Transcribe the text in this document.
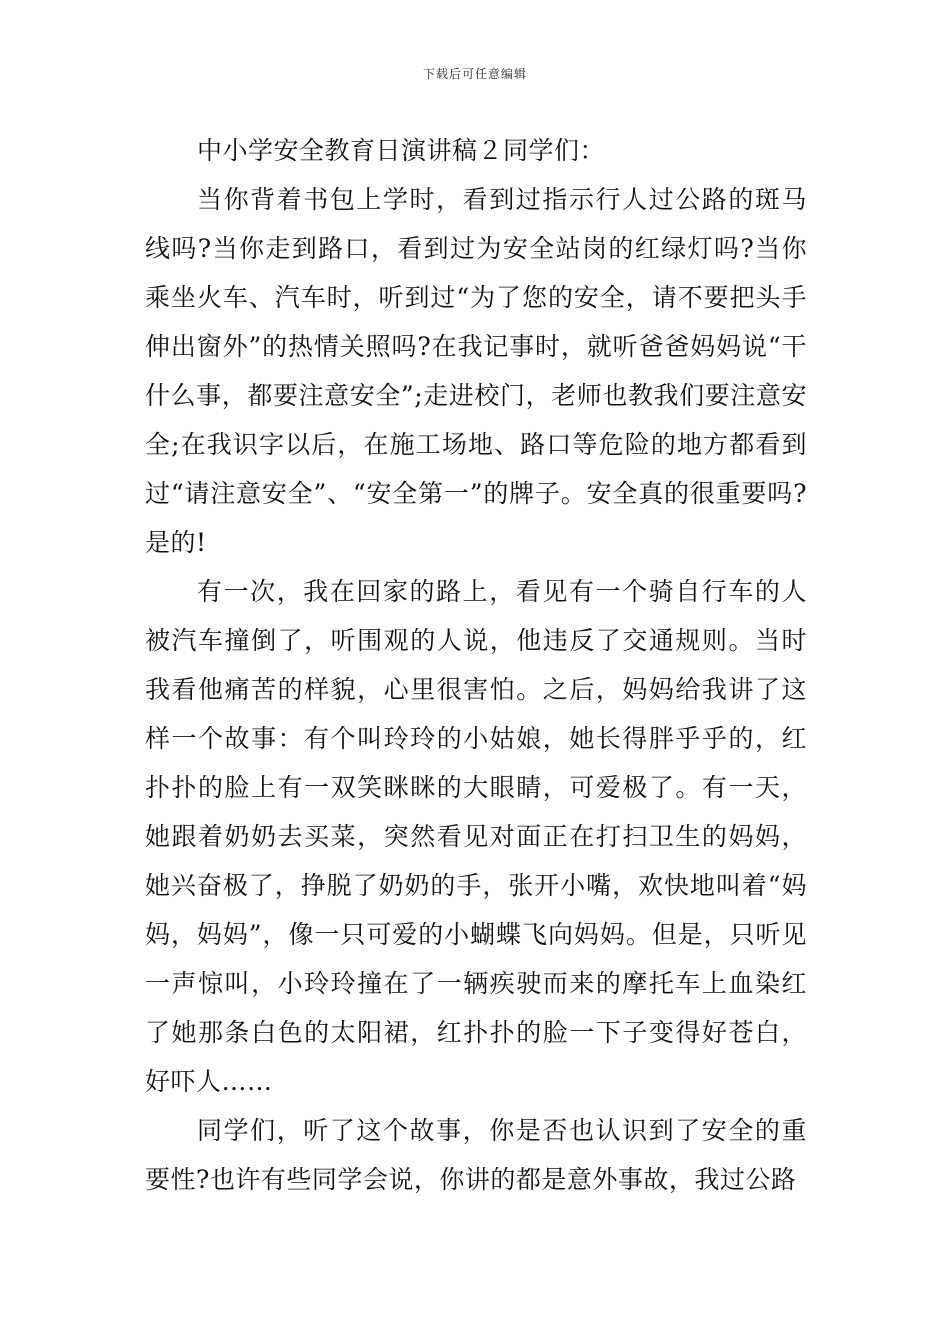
下载后可任意编辑

中小学安全教育日演讲稿２同学们：

当你背着书包上学时，看到过指示行人过公路的斑马线吗?当你走到路口，看到过为安全站岗的红绿灯吗?当你乘坐火车、汽车时，听到过“为了您的安全，请不要把头手伸出窗外”的热情关照吗?在我记事时，就听爸爸妈妈说“干什么事，都要注意安全”;走进校门，老师也教我们要注意安全;在我识字以后，在施工场地、路口等危险的地方都看到过“请注意安全”、“安全第一”的牌子。安全真的很重要吗?是的!

有一次，我在回家的路上，看见有一个骑自行车的人被汽车撞倒了，听围观的人说，他违反了交通规则。当时我看他痛苦的样貌，心里很害怕。之后，妈妈给我讲了这样一个故事：有个叫玲玲的小姑娘，她长得胖乎乎的，红扑扑的脸上有一双笑眯眯的大眼睛，可爱极了。有一天，她跟着奶奶去买菜，突然看见对面正在打扫卫生的妈妈，她兴奋极了，挣脱了奶奶的手，张开小嘴，欢快地叫着“妈妈，妈妈”，像一只可爱的小蝴蝶飞向妈妈。但是，只听见一声惊叫，小玲玲撞在了一辆疾驶而来的摩托车上血染红了她那条白色的太阳裙，红扑扑的脸一下子变得好苍白，好吓人……

同学们，听了这个故事，你是否也认识到了安全的重要性?也许有些同学会说，你讲的都是意外事故，我过公路
